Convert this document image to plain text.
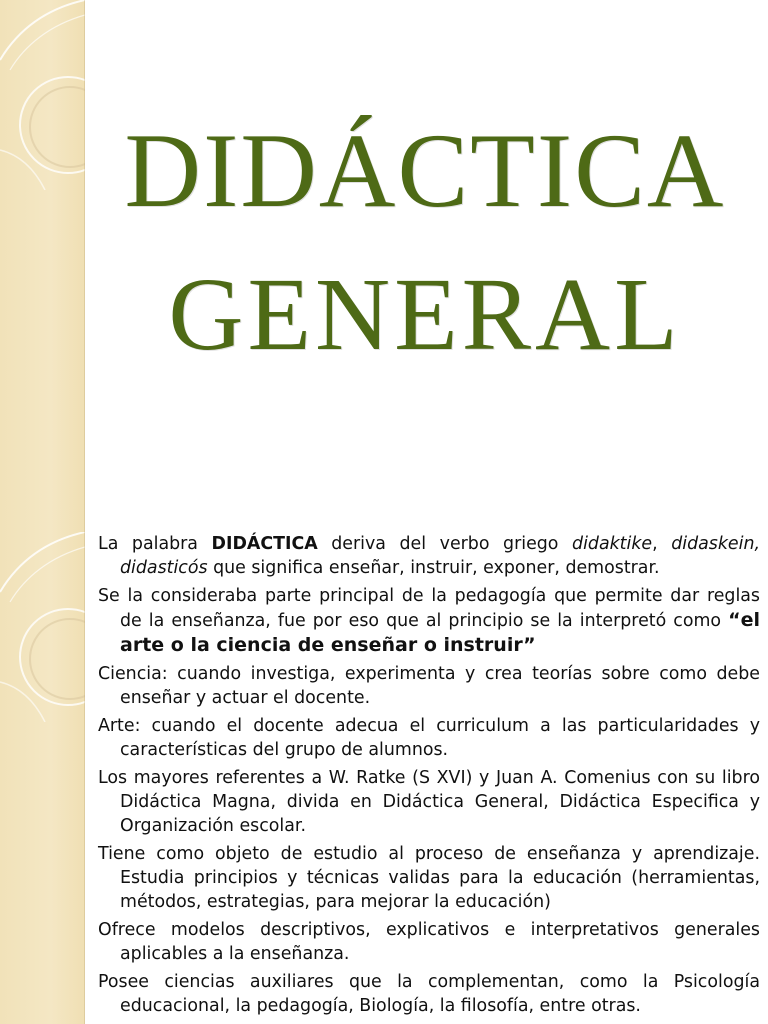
DIDÁCTICA
GENERAL
La palabra DIDÁCTICA deriva del verbo griego didaktike, didaskein, didasticós que significa enseñar, instruir, exponer, demostrar.
Se la consideraba parte principal de la pedagogía que permite dar reglas de la enseñanza, fue por eso que al principio se la interpretó como “el arte o la ciencia de enseñar o instruir”
Ciencia: cuando investiga, experimenta y crea teorías sobre como debe enseñar y actuar el docente.
Arte: cuando el docente adecua el curriculum a las particularidades y características del grupo de alumnos.
Los mayores referentes a W. Ratke (S XVI) y Juan A. Comenius con su libro Didáctica Magna, divida en Didáctica General, Didáctica Especifica y Organización escolar.
Tiene como objeto de estudio al proceso de enseñanza y aprendizaje. Estudia principios y técnicas validas para la educación (herramientas, métodos, estrategias, para mejorar la educación)
Ofrece modelos descriptivos, explicativos e interpretativos generales aplicables a la enseñanza.
Posee ciencias auxiliares que la complementan, como la Psicología educacional, la pedagogía, Biología, la filosofía, entre otras.
